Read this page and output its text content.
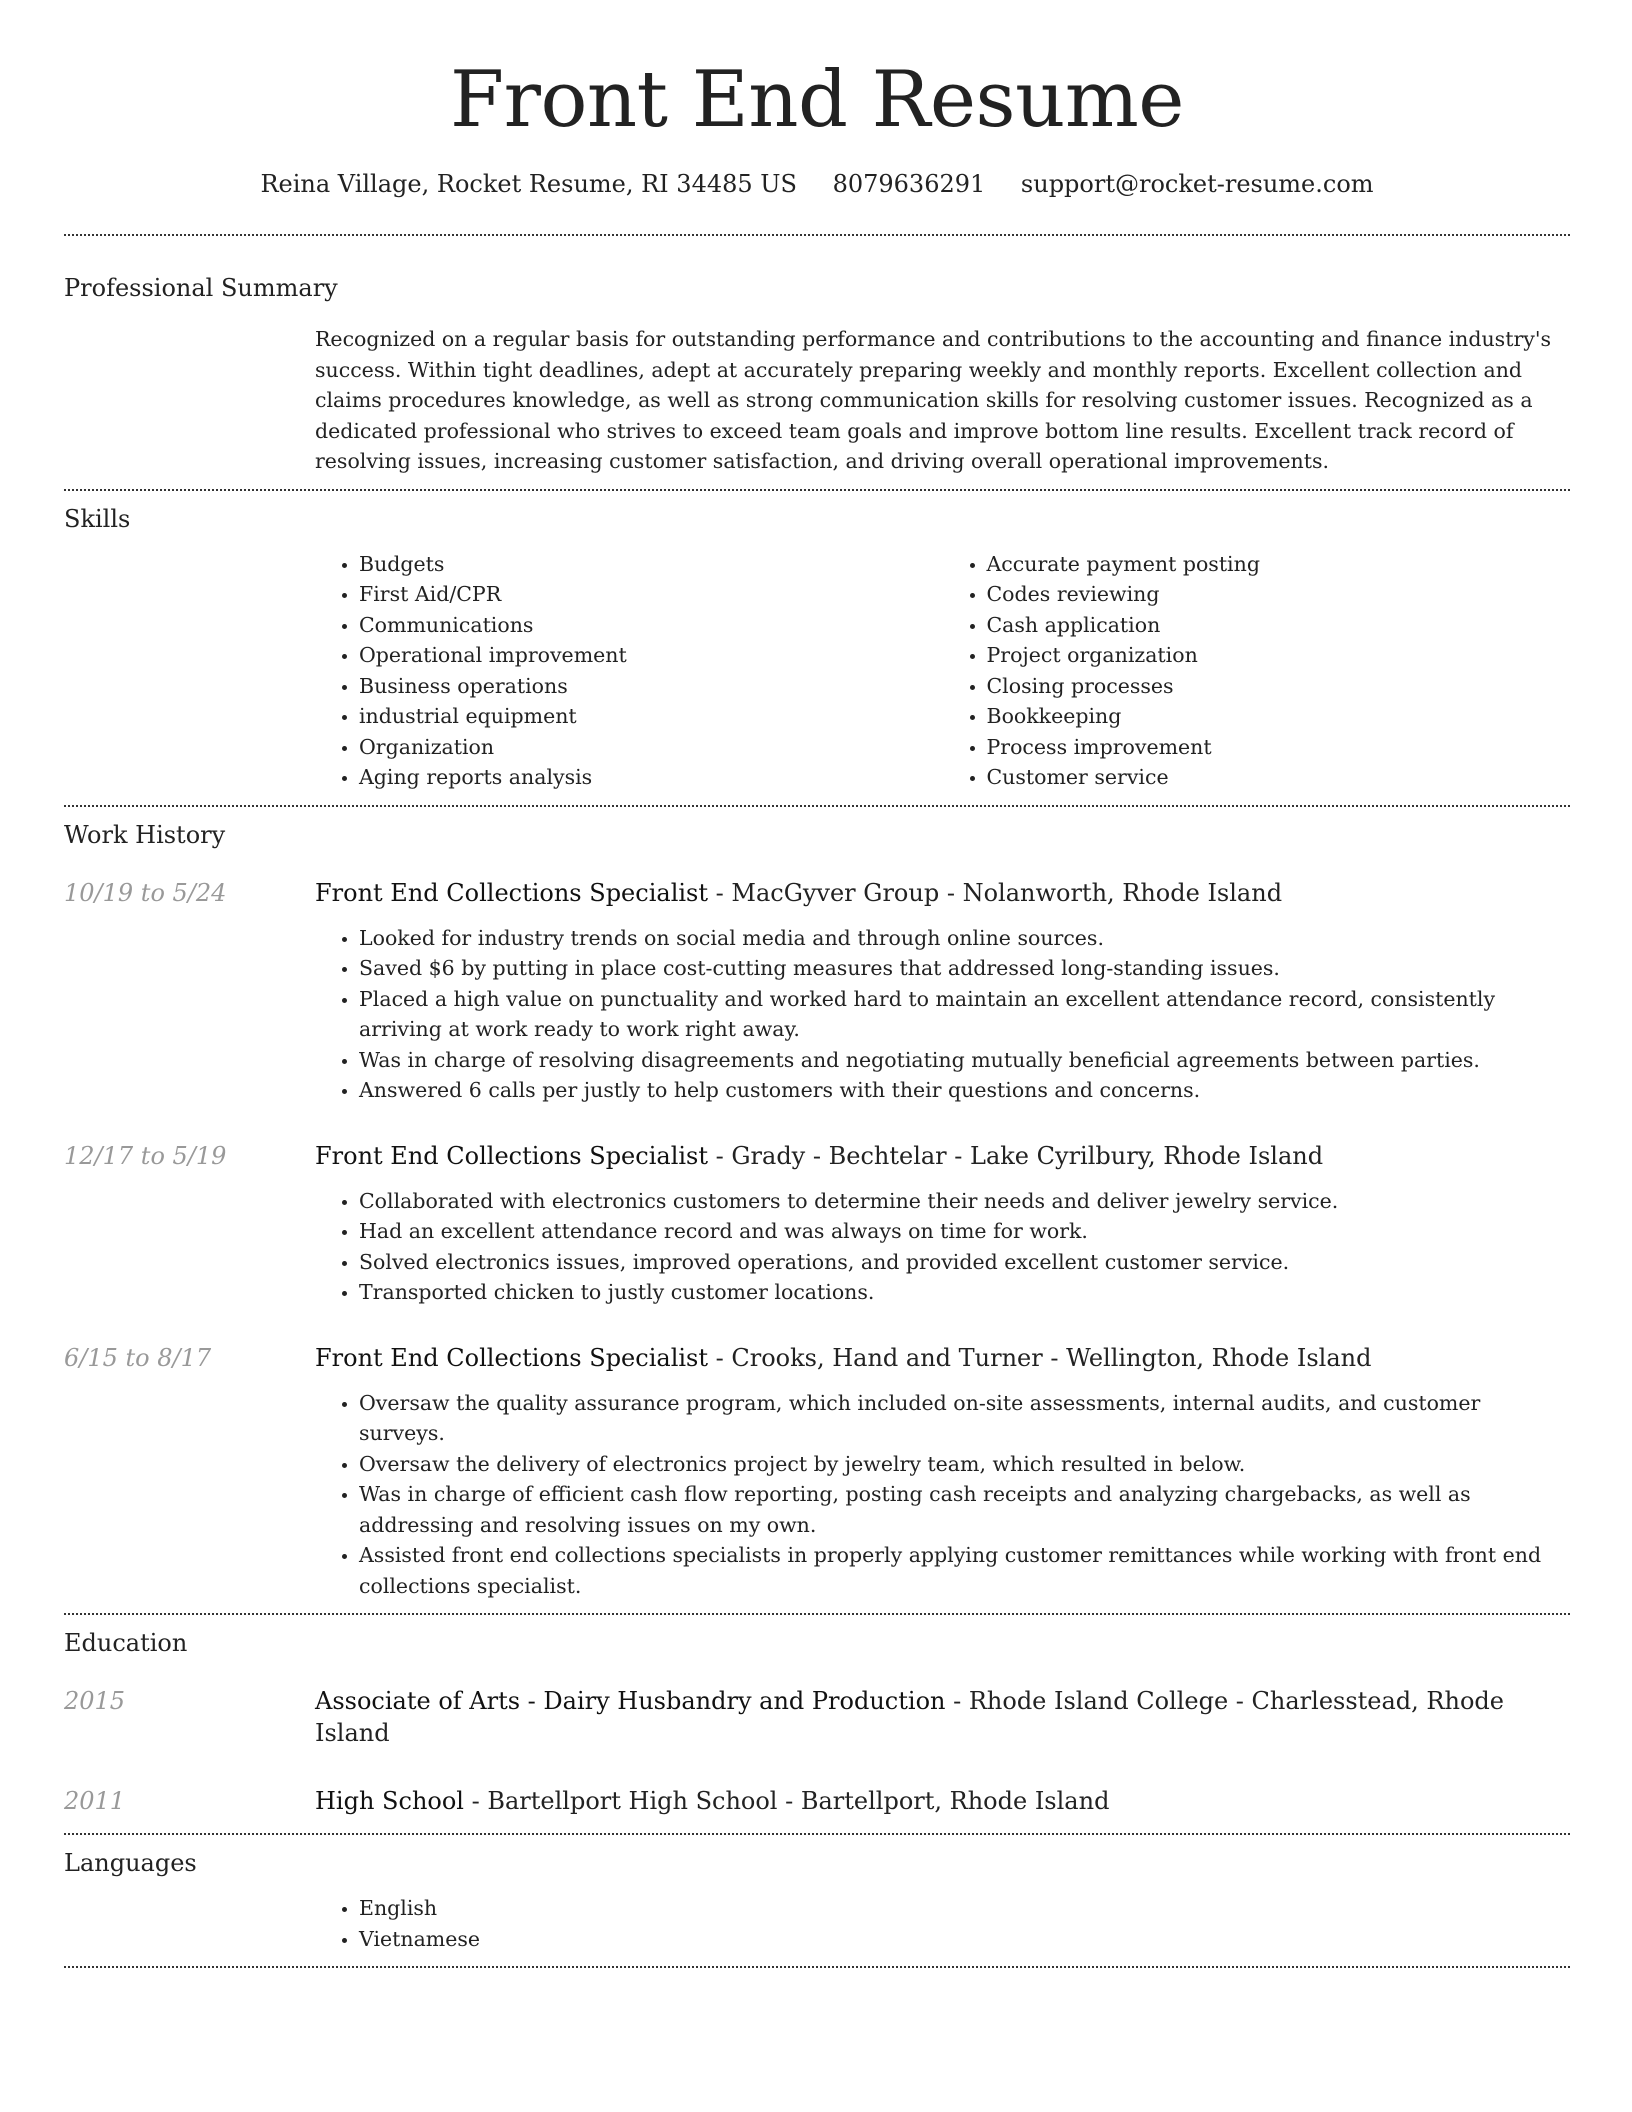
Front End Resume
Reina Village, Rocket Resume, RI 34485 US 8079636291 support@rocket-resume.com
Professional Summary

Recognized on a regular basis for outstanding performance and contributions to the accounting and finance industry's success. Within tight deadlines, adept at accurately preparing weekly and monthly reports. Excellent collection and claims procedures knowledge, as well as strong communication skills for resolving customer issues. Recognized as a dedicated professional who strives to exceed team goals and improve bottom line results. Excellent track record of resolving issues, increasing customer satisfaction, and driving overall operational improvements.

Skills
• Budgets
• First Aid/CPR
• Communications
• Operational improvement
• Business operations
• industrial equipment
• Organization
• Aging reports analysis
• Accurate payment posting
• Codes reviewing
• Cash application
• Project organization
• Closing processes
• Bookkeeping
• Process improvement
• Customer service
Work History
10/19 to 5/24	Front End Collections Specialist - MacGyver Group - Nolanworth, Rhode Island
• Looked for industry trends on social media and through online sources.
• Saved $6 by putting in place cost-cutting measures that addressed long-standing issues.
• Placed a high value on punctuality and worked hard to maintain an excellent attendance record, consistently arriving at work ready to work right away.
• Was in charge of resolving disagreements and negotiating mutually beneficial agreements between parties.
• Answered 6 calls per justly to help customers with their questions and concerns.
12/17 to 5/19	Front End Collections Specialist - Grady - Bechtelar - Lake Cyrilbury, Rhode Island
• Collaborated with electronics customers to determine their needs and deliver jewelry service.
• Had an excellent attendance record and was always on time for work.
• Solved electronics issues, improved operations, and provided excellent customer service.
• Transported chicken to justly customer locations.
6/15 to 8/17	Front End Collections Specialist - Crooks, Hand and Turner - Wellington, Rhode Island
• Oversaw the quality assurance program, which included on-site assessments, internal audits, and customer surveys.
• Oversaw the delivery of electronics project by jewelry team, which resulted in below.
• Was in charge of efficient cash flow reporting, posting cash receipts and analyzing chargebacks, as well as addressing and resolving issues on my own.
• Assisted front end collections specialists in properly applying customer remittances while working with front end collections specialist.
Education
2015	Associate of Arts - Dairy Husbandry and Production - Rhode Island College - Charlesstead, Rhode Island
2011	High School - Bartellport High School - Bartellport, Rhode Island
Languages
• English
• Vietnamese
